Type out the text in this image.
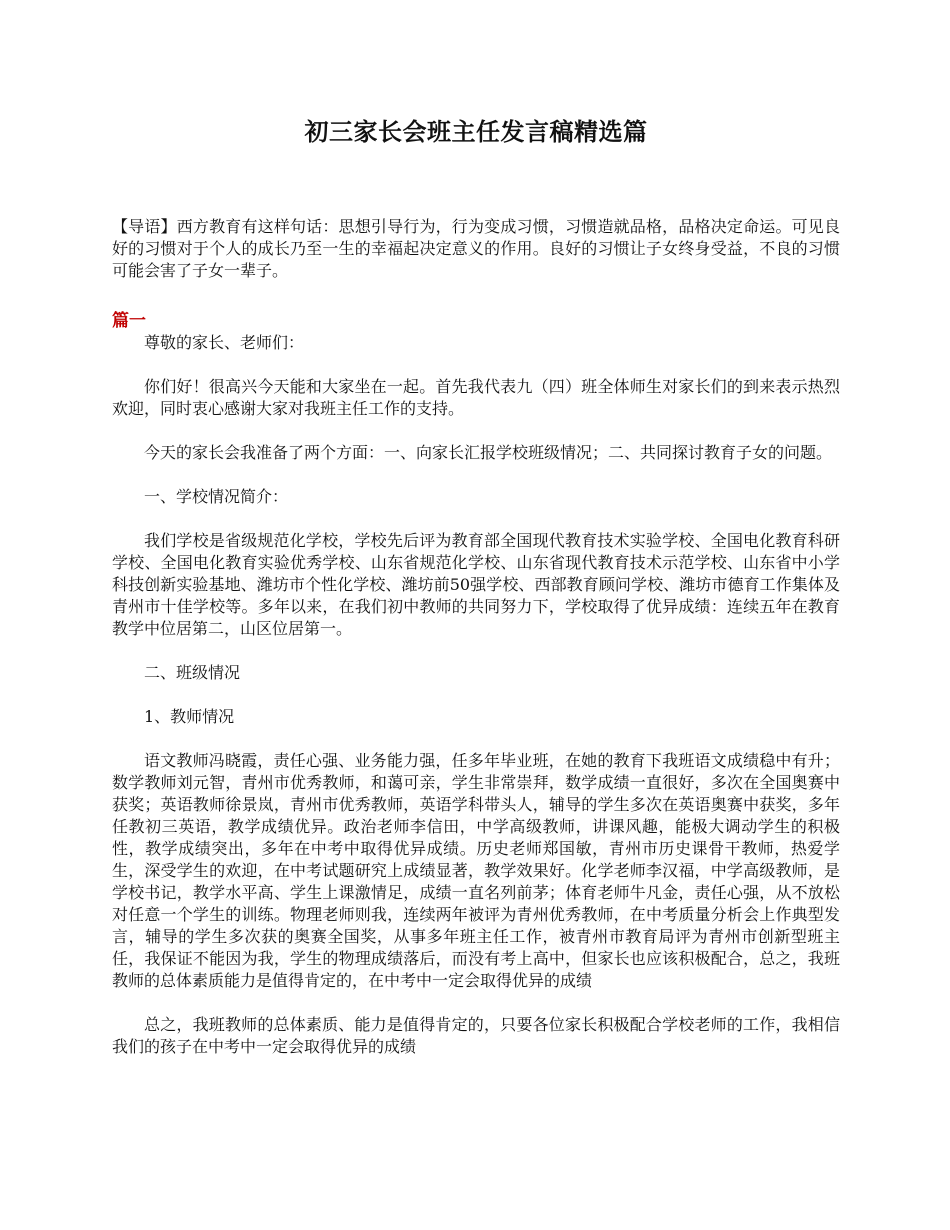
初三家长会班主任发言稿精选篇

【导语】西方教育有这样句话：思想引导行为，行为变成习惯，习惯造就品格，品格决定命运。可见良好的习惯对于个人的成长乃至一生的幸福起决定意义的作用。良好的习惯让子女终身受益，不良的习惯可能会害了子女一辈子。

篇一

尊敬的家长、老师们：

你们好！很高兴今天能和大家坐在一起。首先我代表九（四）班全体师生对家长们的到来表示热烈欢迎，同时衷心感谢大家对我班主任工作的支持。

今天的家长会我准备了两个方面：一、向家长汇报学校班级情况；二、共同探讨教育子女的问题。

一、学校情况简介：

我们学校是省级规范化学校，学校先后评为教育部全国现代教育技术实验学校、全国电化教育科研学校、全国电化教育实验优秀学校、山东省规范化学校、山东省现代教育技术示范学校、山东省中小学科技创新实验基地、潍坊市个性化学校、潍坊前50强学校、西部教育顾问学校、潍坊市德育工作集体及青州市十佳学校等。多年以来，在我们初中教师的共同努力下，学校取得了优异成绩：连续五年在教育教学中位居第二，山区位居第一。

二、班级情况

1、教师情况

语文教师冯晓霞，责任心强、业务能力强，任多年毕业班，在她的教育下我班语文成绩稳中有升；数学教师刘元智，青州市优秀教师，和蔼可亲，学生非常崇拜，数学成绩一直很好，多次在全国奥赛中获奖；英语教师徐景岚，青州市优秀教师，英语学科带头人，辅导的学生多次在英语奥赛中获奖，多年任教初三英语，教学成绩优异。政治老师李信田，中学高级教师，讲课风趣，能极大调动学生的积极性，教学成绩突出，多年在中考中取得优异成绩。历史老师郑国敏，青州市历史课骨干教师，热爱学生，深受学生的欢迎，在中考试题研究上成绩显著，教学效果好。化学老师李汉福，中学高级教师，是学校书记，教学水平高、学生上课激情足，成绩一直名列前茅；体育老师牛凡金，责任心强，从不放松对任意一个学生的训练。物理老师则我，连续两年被评为青州优秀教师，在中考质量分析会上作典型发言，辅导的学生多次获的奥赛全国奖，从事多年班主任工作，被青州市教育局评为青州市创新型班主任，我保证不能因为我，学生的物理成绩落后，而没有考上高中，但家长也应该积极配合，总之，我班教师的总体素质能力是值得肯定的，在中考中一定会取得优异的成绩

总之，我班教师的总体素质、能力是值得肯定的，只要各位家长积极配合学校老师的工作，我相信我们的孩子在中考中一定会取得优异的成绩
